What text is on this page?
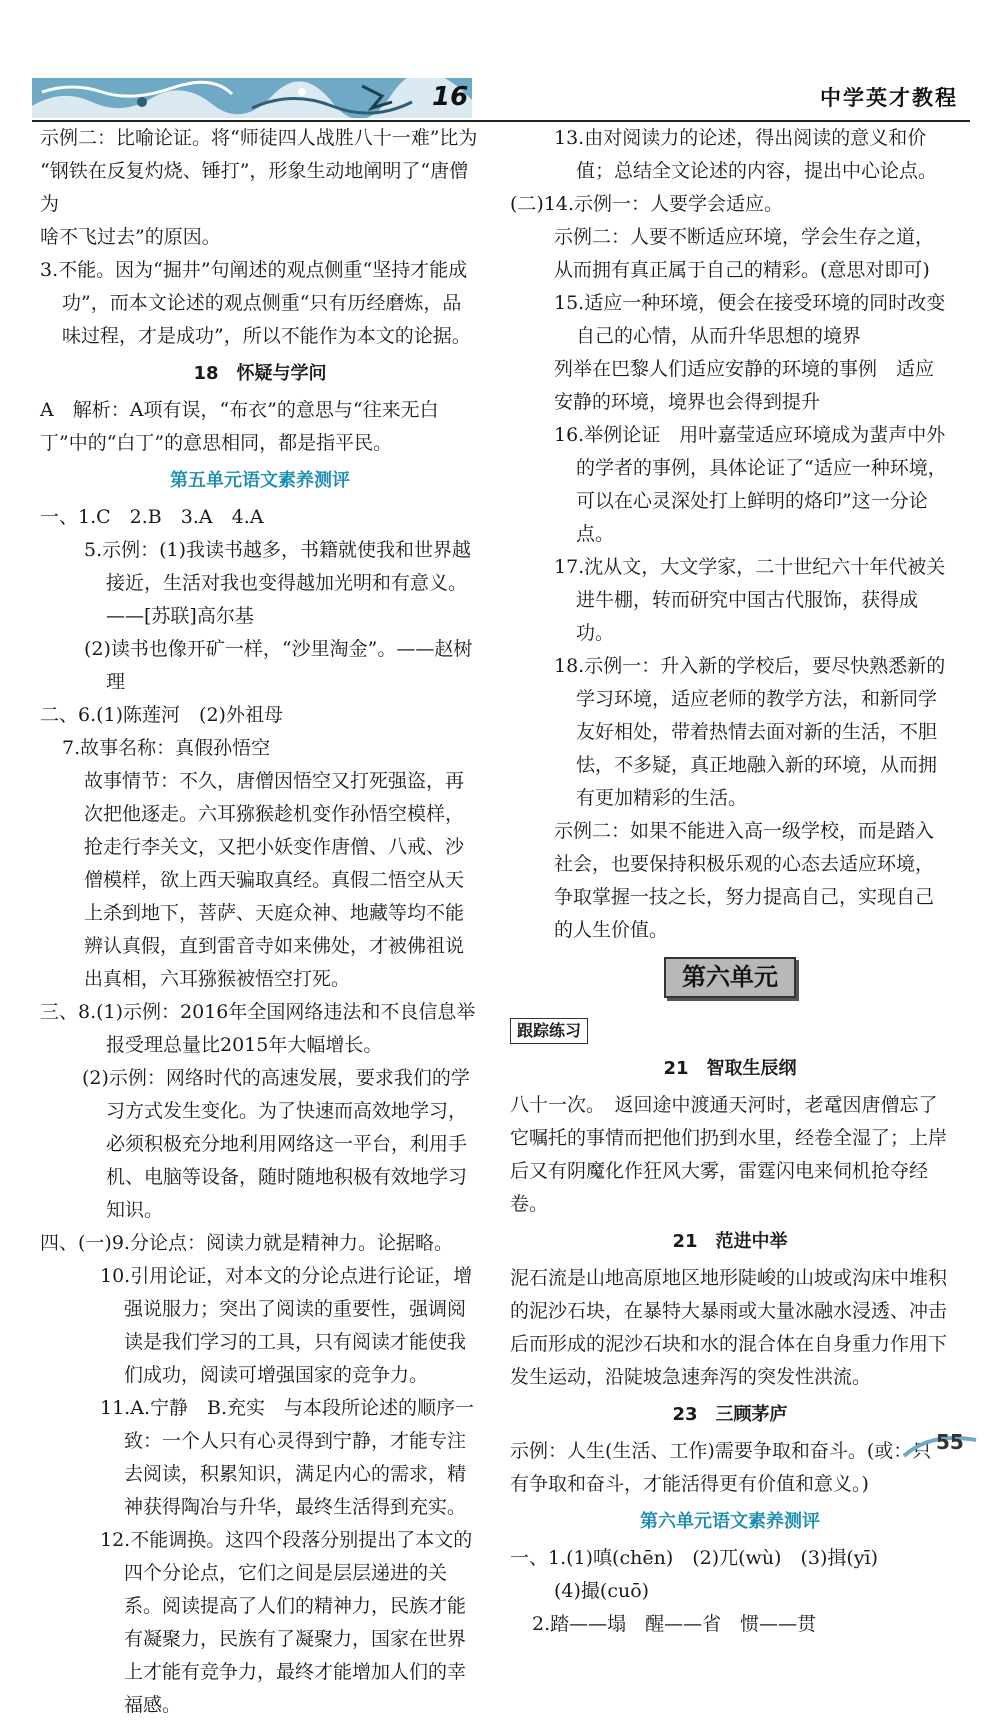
16	中学英才教程

示例二：比喻论证。将“师徒四人战胜八十一难”比为

“钢铁在反复灼烧、锤打”，形象生动地阐明了“唐僧为

啥不飞过去”的原因。

3.不能。因为“掘井”句阐述的观点侧重“坚持才能成功”，而本文论述的观点侧重“只有历经磨炼，品味过程，才是成功”，所以不能作为本文的论据。

18　怀疑与学问

A　解析：A项有误，“布衣”的意思与“往来无白丁”中的“白丁”的意思相同，都是指平民。

第五单元语文素养测评

一、1.C　2.B　3.A　4.A

5.示例：(1)我读书越多，书籍就使我和世界越接近，生活对我也变得越加光明和有意义。——[苏联]高尔基

(2)读书也像开矿一样，“沙里淘金”。——赵树理

二、6.(1)陈莲河　(2)外祖母

7.故事名称：真假孙悟空

故事情节：不久，唐僧因悟空又打死强盗，再次把他逐走。六耳猕猴趁机变作孙悟空模样，抢走行李关文，又把小妖变作唐僧、八戒、沙僧模样，欲上西天骗取真经。真假二悟空从天上杀到地下，菩萨、天庭众神、地藏等均不能辨认真假，直到雷音寺如来佛处，才被佛祖说出真相，六耳猕猴被悟空打死。

三、8.(1)示例：2016年全国网络违法和不良信息举报受理总量比2015年大幅增长。

(2)示例：网络时代的高速发展，要求我们的学习方式发生变化。为了快速而高效地学习，必须积极充分地利用网络这一平台，利用手机、电脑等设备，随时随地积极有效地学习知识。

四、(一)9.分论点：阅读力就是精神力。论据略。

10.引用论证，对本文的分论点进行论证，增强说服力；突出了阅读的重要性，强调阅读是我们学习的工具，只有阅读才能使我们成功，阅读可增强国家的竞争力。

11.A.宁静　B.充实　与本段所论述的顺序一致：一个人只有心灵得到宁静，才能专注去阅读，积累知识，满足内心的需求，精神获得陶冶与升华，最终生活得到充实。

12.不能调换。这四个段落分别提出了本文的四个分论点，它们之间是层层递进的关系。阅读提高了人们的精神力，民族才能有凝聚力，民族有了凝聚力，国家在世界上才能有竞争力，最终才能增加人们的幸福感。

13.由对阅读力的论述，得出阅读的意义和价值；总结全文论述的内容，提出中心论点。

(二)14.示例一：人要学会适应。

示例二：人要不断适应环境，学会生存之道，从而拥有真正属于自己的精彩。(意思对即可)

15.适应一种环境，便会在接受环境的同时改变自己的心情，从而升华思想的境界

列举在巴黎人们适应安静的环境的事例　适应安静的环境，境界也会得到提升

16.举例论证　用叶嘉莹适应环境成为蜚声中外的学者的事例，具体论证了“适应一种环境，可以在心灵深处打上鲜明的烙印”这一分论点。

17.沈从文，大文学家，二十世纪六十年代被关进牛棚，转而研究中国古代服饰，获得成功。

18.示例一：升入新的学校后，要尽快熟悉新的学习环境，适应老师的教学方法，和新同学友好相处，带着热情去面对新的生活，不胆怯，不多疑，真正地融入新的环境，从而拥有更加精彩的生活。

示例二：如果不能进入高一级学校，而是踏入社会，也要保持积极乐观的心态去适应环境，争取掌握一技之长，努力提高自己，实现自己的人生价值。

第六单元
跟踪练习
21　智取生辰纲

八十一次。　返回途中渡通天河时，老鼋因唐僧忘了它嘱托的事情而把他们扔到水里，经卷全湿了；上岸后又有阴魔化作狂风大雾，雷霆闪电来伺机抢夺经卷。

21　范进中举

泥石流是山地高原地区地形陡峻的山坡或沟床中堆积的泥沙石块，在暴特大暴雨或大量冰融水浸透、冲击后而形成的泥沙石块和水的混合体在自身重力作用下发生运动，沿陡坡急速奔泻的突发性洪流。

23　三顾茅庐

示例：人生(生活、工作)需要争取和奋斗。(或：只有争取和奋斗，才能活得更有价值和意义。)

第六单元语文素养测评

一、1.(1)嗔(chēn)　(2)兀(wù)　(3)揖(yī)

(4)撮(cuō)

2.踏——塌　醒——省　惯——贯

55
